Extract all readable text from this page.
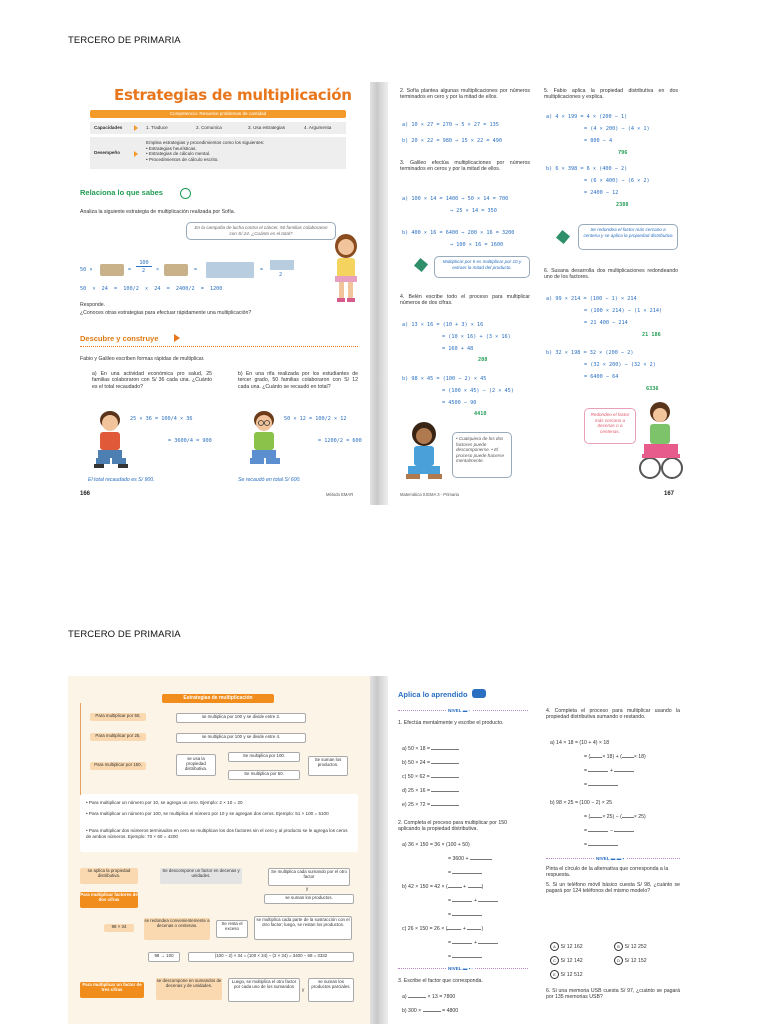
TERCERO DE PRIMARIA
Estrategias de multiplicación
Competencia: Resuelve problemas de cantidad
Capacidades	1. Traduce	2. Comunica	3. Usa estrategias	4. Argumenta
Desempeño
Emplea estrategias y procedimientos como los siguientes:
• Estrategias heurísticas.
• Estrategias de cálculo mental.
• Procedimientos de cálculo escrito.
Relaciona lo que sabes
Analiza la siguiente estrategia de multiplicación realizada por Sofía.
En la campaña de lucha contra el cáncer, 50 familias colaboraron con S/ 24. ¿Cuánto es el total?
50 ×	=
100
2 ×	=	=
2
50 × 24 = 100/2 × 24 = 2400/2 = 1200
Responde.
¿Conoces otras estrategias para efectuar rápidamente una multiplicación?
Descubre y construye
Fabio y Galileo escriben formas rápidas de multiplicar.
a) En una actividad económica pro salud, 25 familias colaboraron con S/ 36 cada una. ¿Cuánto es el total recaudado?
b) En una rifa realizada por los estudiantes de tercer grado, 50 familias colaboraron con S/ 12 cada una. ¿Cuánto se recaudó en total?
25 × 36 = 100/4 × 36
= 3600/4 = 900
50 × 12 = 100/2 × 12
= 1200/2 = 600
El total recaudado es S/ 900.	Se recaudó en total S/ 600.
166	Método EMAR
2. Sofía plantea algunas multiplicaciones por números terminados en cero y por la mitad de ellos.
a) 10 × 27 = 270 ⇒ 5 × 27 = 135
b) 20 × 22 = 980 ⇒ 15 × 22 = 490
3. Galileo efectúa multiplicaciones por números terminados en ceros y por la mitad de ellos.
a) 100 × 14 = 1400 ⇒ 50 × 14 = 700
⇒ 25 × 14 = 350
b) 400 × 16 = 6400 ⇒ 200 × 16 = 3200
⇒ 100 × 16 = 1600
Multiplicar por 5 es multiplicar por 10 y extraer la mitad del producto.
4. Belén escribe todo el proceso para multiplicar números de dos cifras.
a) 13 × 16 = (10 + 3) × 16
= (10 × 16) + (3 × 16)
= 160 + 48
208
b) 98 × 45 = (100 − 2) × 45
= (100 × 45) − (2 × 45)
= 4500 − 90
4410
• Cualquiera de los dos factores puede descomponerse. • El proceso puede hacerse mentalmente.
5. Fabio aplica la propiedad distributiva en dos multiplicaciones y explica.
a) 4 × 199 = 4 × (200 − 1)
= (4 × 200) − (4 × 1)
= 800 − 4
796
b) 6 × 398 = 6 × (400 − 2)
= (6 × 400) − (6 × 2)
= 2400 − 12
2388
Se redondea el factor más cercano a centena y se aplica la propiedad distributiva
6. Susana desarrolla dos multiplicaciones redondeando uno de los factores.
a) 99 × 214 = (100 − 1) × 214
= (100 × 214) − (1 × 214)
= 21 400 − 214
21 186
b) 32 × 198 = 32 × (200 − 2)
= (32 × 200) − (32 × 2)
= 6400 − 64
6336
Redondeo el factor más cercano a decenas o a centenas.
Matemática SIGMA 3 - Primaria	167
TERCERO DE PRIMARIA
Estrategias de multiplicación
Para multiplicar por 50,	se multiplica por 100 y se divide entre 2.
Para multiplicar por 25,	se multiplica por 100 y se divide entre 4.
Para multiplicar por 150,
se usa la propiedad distributiva.
Se multiplica por 100.
Se multiplica por 50.
Se suman los productos.
• Para multiplicar un número por 10, se agrega un cero. Ejemplo: 2 × 10 = 20
• Para multiplicar un número por 100, se multiplica el número por 10 y se agregan dos ceros. Ejemplo: 51 × 100 = 5100
• Para multiplicar dos números terminados en cero se multiplican los dos factores sin el cero y al producto se le agrega los ceros de ambos números. Ejemplo: 70 × 60 = 4200
se aplica la propiedad distributiva.
Se descompone un factor en decenas y unidades.
Se multiplica cada sumando por el otro factor
y
se suman los productos.
Para multiplicar factores de dos cifras
98 × 34
se redondea convenientemente a decenas o centenas.	Se resta el exceso
se multiplica cada parte de la sustracción con el otro factor; luego, se restan los productos.
98 → 100	(100 − 2) × 34 = (100 × 34) − (2 × 34) = 3400 − 68 = 3332
Para multiplicar un factor de tres cifras
se descompone en sumandos de decenas y de unidades.
Luego, se multiplica el otro factor por cada uno de los sumandos
y
se suman los productos parciales.
Aplica lo aprendido
NIVEL ▬ ▫
1. Efectúa mentalmente y escribe el producto.
a) 50 × 18 =
b) 50 × 24 =
c) 50 × 62 =
d) 25 × 16 =
e) 25 × 72 =
2. Completa el proceso para multiplicar por 150 aplicando la propiedad distributiva.
a) 36 × 150 = 36 × (100 + 50)
= 3600 +
=
b) 42 × 150 = 42 × (	+	)
=	+
=
c) 26 × 150 = 26 × (	+	)
=	+
=
NIVEL ▬ ▪ ▫
3. Escribe el factor que corresponda.
a)	× 13 = 7800
b) 300 ×	= 4800
4. Completa el proceso para multiplicar usando la propiedad distributiva sumando o restando.
a) 14 × 18 = (10 + 4) × 18
= ( × 18) + ( × 18)
=	+
=
b) 98 × 25 = (100 − 2) × 25
= ( × 25) − ( × 25)
=	−
=
NIVEL ▬ ▬ ▪
Pinta el círculo de la alternativa que corresponda a la respuesta.
5. Si un teléfono móvil básico cuesta S/ 98, ¿cuánto se pagará por 124 teléfonos del mismo modelo?
A S/ 12 162	B S/ 12 252
C S/ 12 142	D S/ 12 152
E S/ 12 512
6. Si una memoria USB cuesta S/ 97, ¿cuánto se pagará por 135 memorias USB?
